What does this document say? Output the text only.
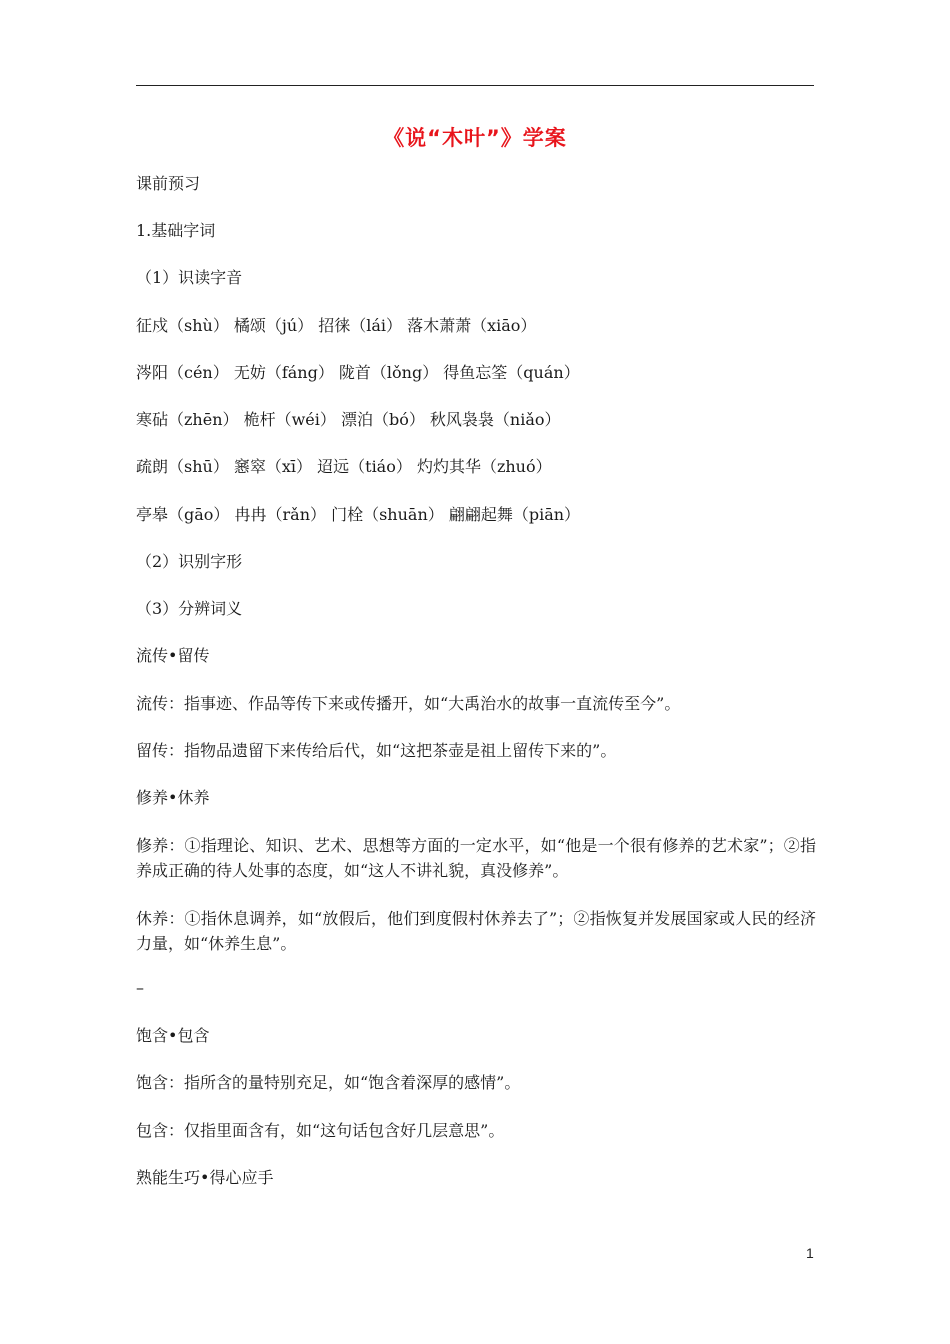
《说“木叶”》学案
课前预习
1.基础字词
（1）识读字音
征戍（shù） 橘颂（jú） 招徕（lái） 落木萧萧（xiāo）
涔阳（cén） 无妨（fáng） 陇首（lǒng） 得鱼忘筌（quán）
寒砧（zhēn） 桅杆（wéi） 漂泊（bó） 秋风袅袅（niǎo）
疏朗（shū） 窸窣（xī） 迢远（tiáo） 灼灼其华（zhuó）
亭皋（gāo） 冉冉（rǎn） 门栓（shuān） 翩翩起舞（piān）
（2）识别字形
（3）分辨词义
流传•留传
流传：指事迹、作品等传下来或传播开，如“大禹治水的故事一直流传至今”。
留传：指物品遗留下来传给后代，如“这把茶壶是祖上留传下来的”。
修养•休养
修养：①指理论、知识、艺术、思想等方面的一定水平，如“他是一个很有修养的艺术家”；②指养成正确的待人处事的态度，如“这人不讲礼貌，真没修养”。
休养：①指休息调养，如“放假后，他们到度假村休养去了”；②指恢复并发展国家或人民的经济力量，如“休养生息”。
–
饱含•包含
饱含：指所含的量特别充足，如“饱含着深厚的感情”。
包含：仅指里面含有，如“这句话包含好几层意思”。
熟能生巧•得心应手
1
